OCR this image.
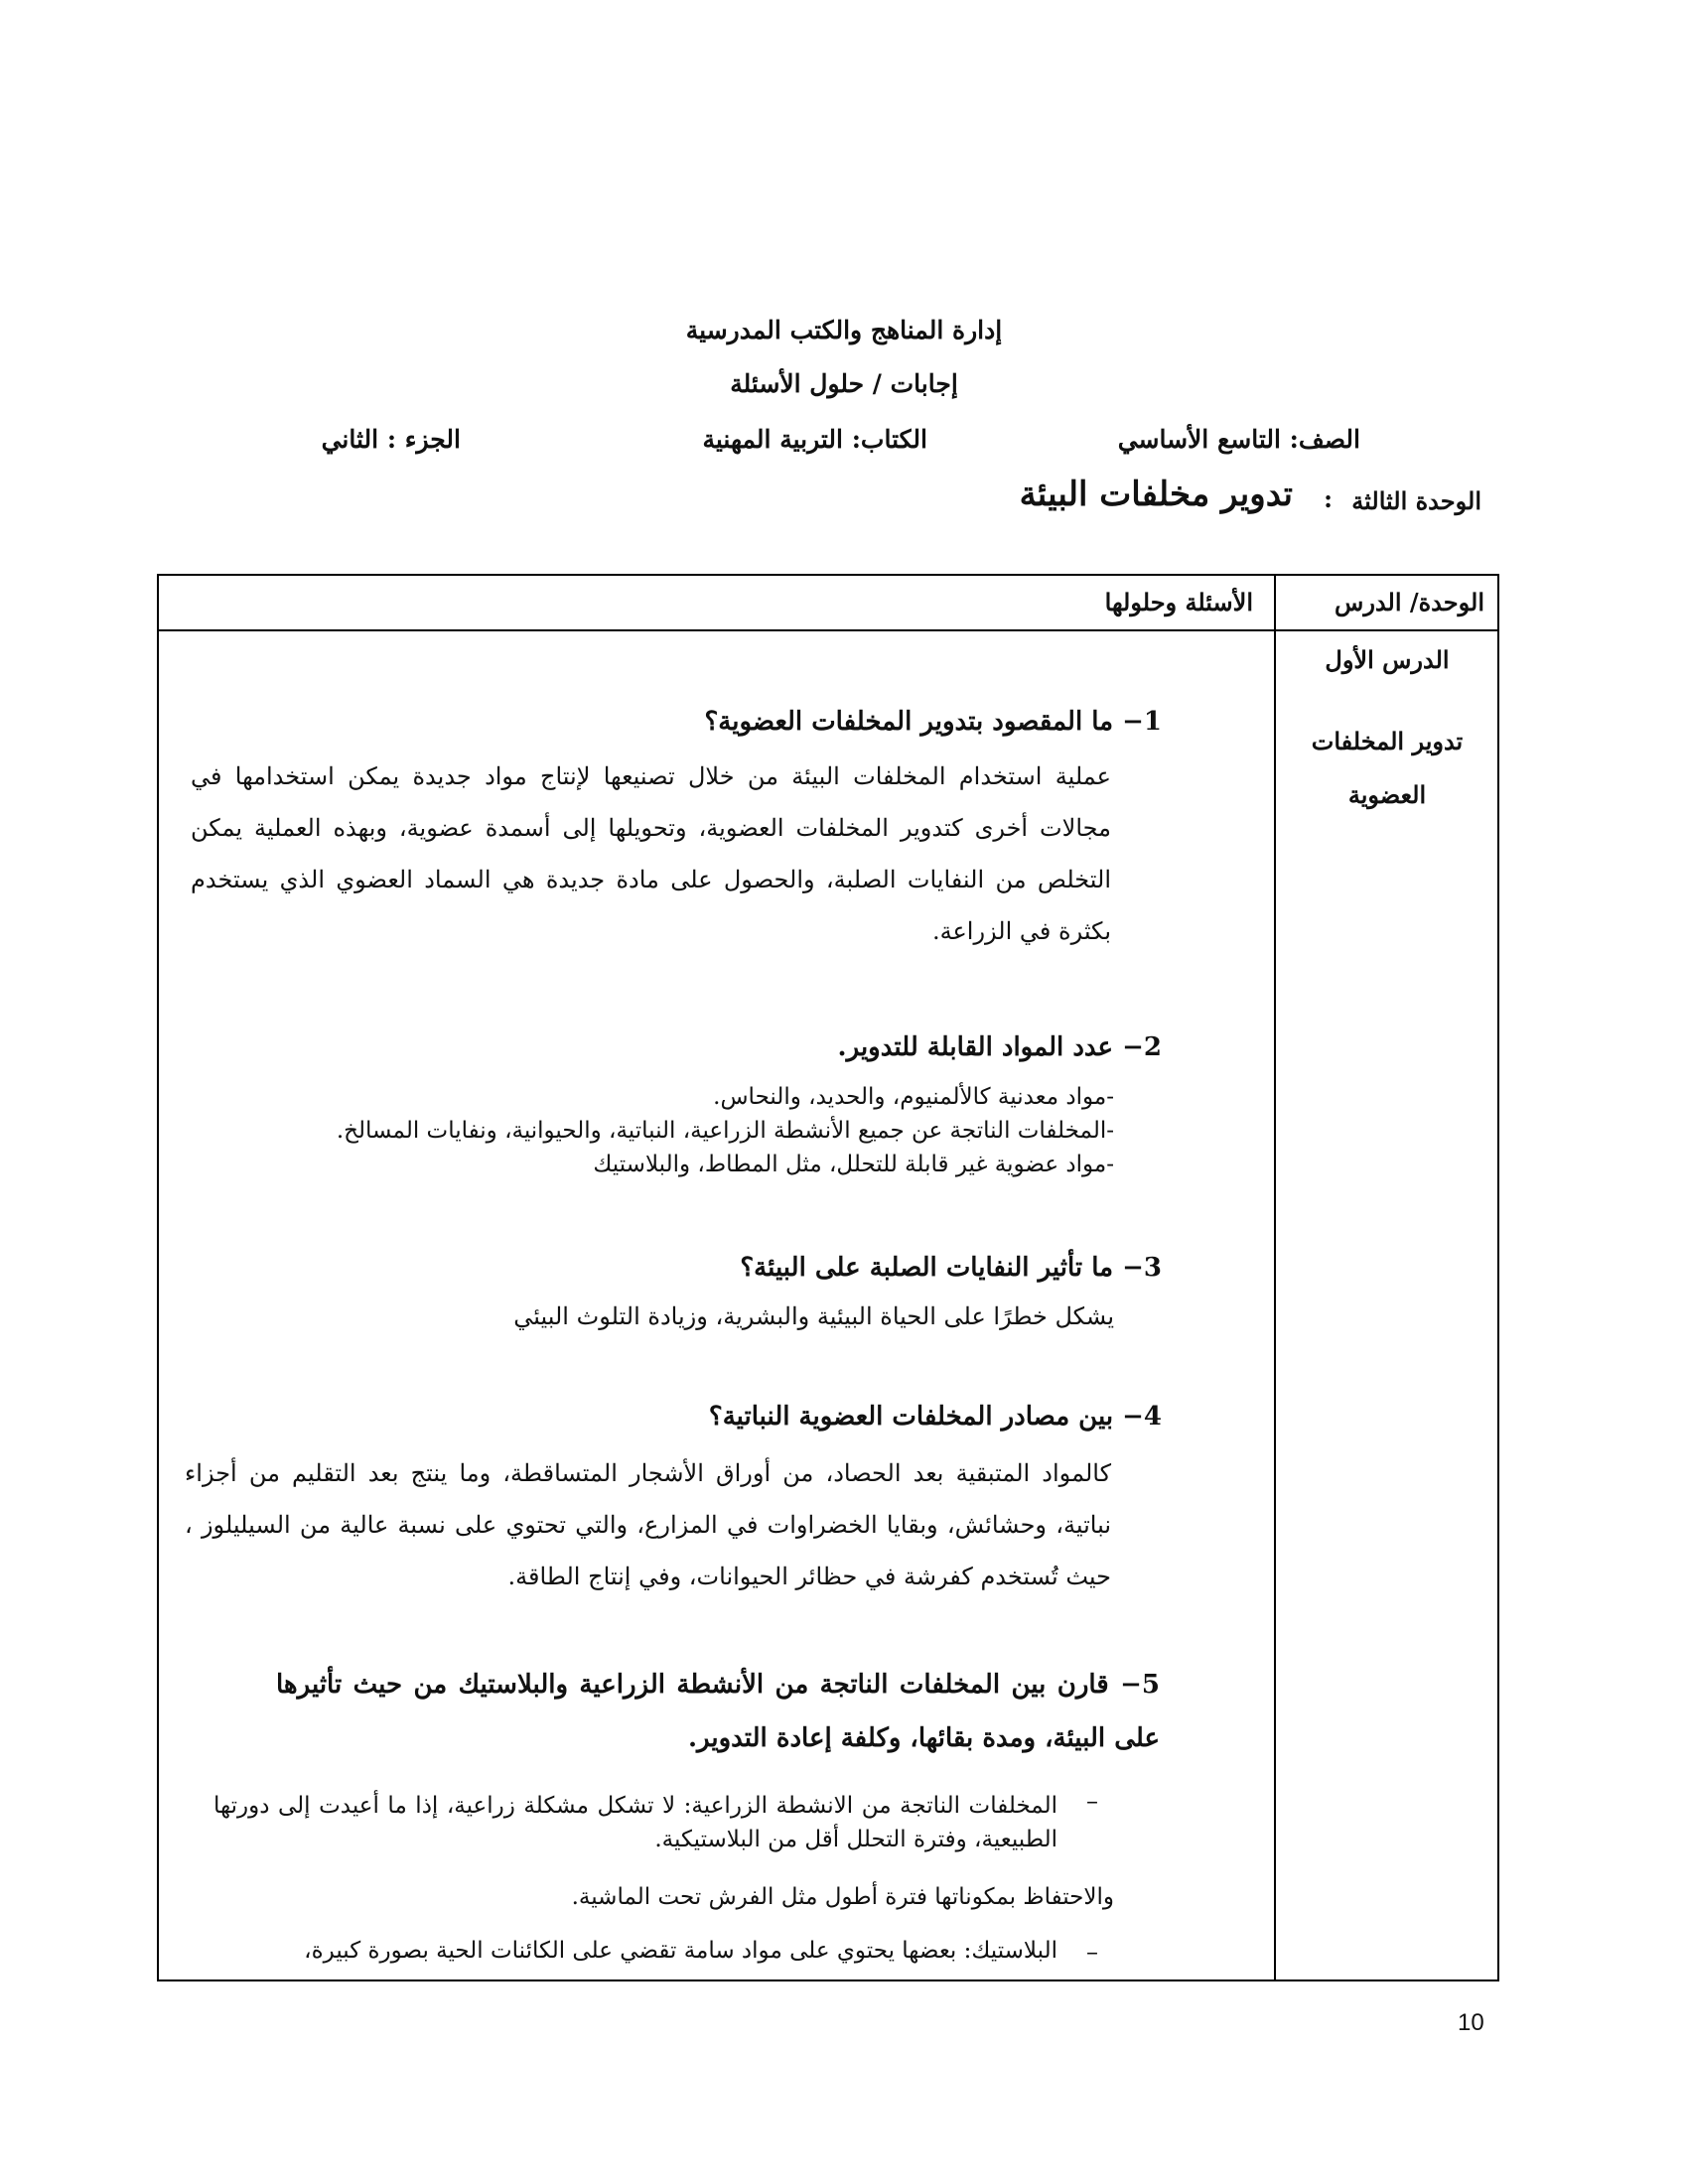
إدارة المناهج والكتب المدرسية
إجابات / حلول الأسئلة
الصف: التاسع الأساسي
الكتاب: التربية المهنية
الجزء : الثاني
الوحدة الثالثة
:
تدوير مخلفات البيئة
الوحدة/ الدرس
الأسئلة وحلولها
الدرس الأول
تدوير المخلفات
العضوية
1− ما المقصود بتدوير المخلفات العضوية؟
عملية استخدام المخلفات البيئة من خلال تصنيعها لإنتاج مواد جديدة يمكن استخدامها في مجالات أخرى كتدوير المخلفات العضوية، وتحويلها إلى أسمدة عضوية، وبهذه العملية يمكن التخلص من النفايات الصلبة، والحصول على مادة جديدة هي السماد العضوي الذي يستخدم بكثرة في الزراعة.
2− عدد المواد القابلة للتدوير.
-مواد معدنية كالألمنيوم، والحديد، والنحاس.
-المخلفات الناتجة عن جميع الأنشطة الزراعية، النباتية، والحيوانية، ونفايات المسالخ.
-مواد عضوية غير قابلة للتحلل، مثل المطاط، والبلاستيك
3− ما تأثير النفايات الصلبة على البيئة؟
يشكل خطرًا على الحياة البيئية والبشرية، وزيادة التلوث البيئي
4− بين مصادر المخلفات العضوية النباتية؟
كالمواد المتبقية بعد الحصاد، من أوراق الأشجار المتساقطة، وما ينتج بعد التقليم من أجزاء نباتية، وحشائش، وبقايا الخضراوات في المزارع، والتي تحتوي على نسبة عالية من السيليلوز ، حيث تُستخدم كفرشة في حظائر الحيوانات، وفي إنتاج الطاقة.
5− قارن بين المخلفات الناتجة من الأنشطة الزراعية والبلاستيك من حيث تأثيرها على البيئة، ومدة بقائها، وكلفة إعادة التدوير.
–
المخلفات الناتجة من الانشطة الزراعية: لا تشكل مشكلة زراعية، إذا ما أعيدت إلى دورتها الطبيعية، وفترة التحلل أقل من البلاستيكية.
والاحتفاظ بمكوناتها فترة أطول مثل الفرش تحت الماشية.
–
البلاستيك: بعضها يحتوي على مواد سامة تقضي على الكائنات الحية بصورة كبيرة،
10
